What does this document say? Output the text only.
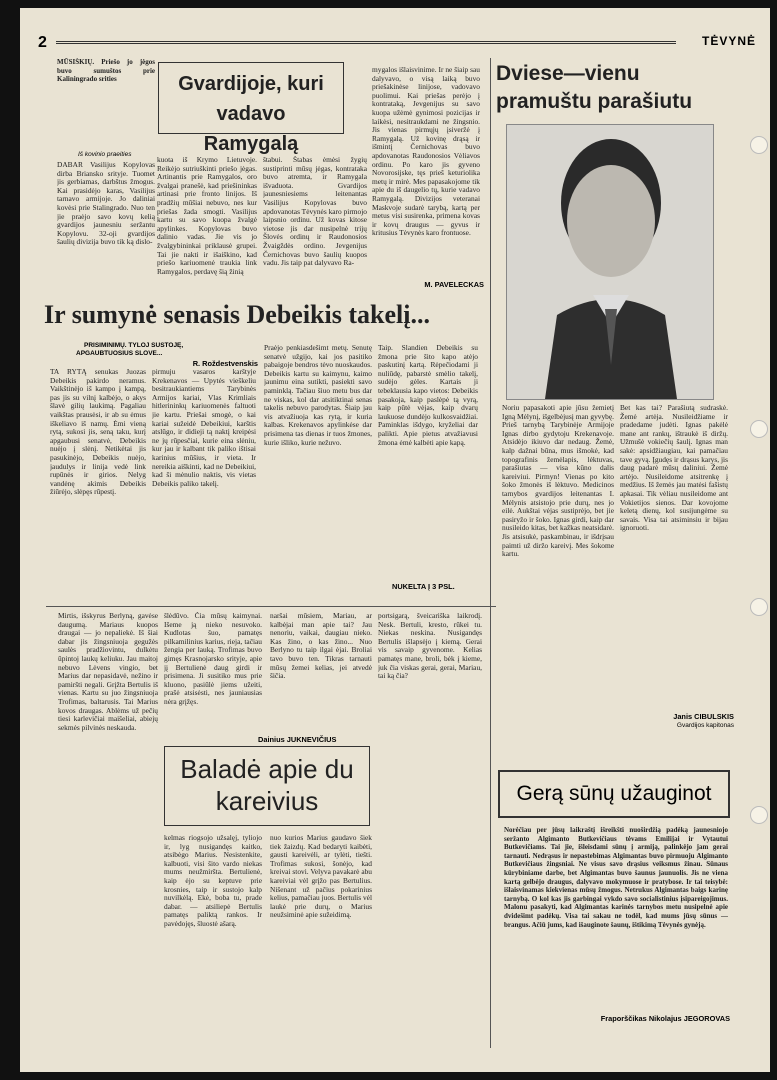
2	TĖVYNĖ
MŪSIŠKIŲ. Priešo jo jėgos buvo sumuštos prie Kaliningrado srities
Iš kovinio praeities
DABAR Vasilijus Kopylovas dirba Briansko srityje. Tuomet jis gerbiamas, darbštus žmogus. Kai prasidėjo karas, Vasilijus tarnavo armijoje. Jo daliniai kovėsi prie Stalingrado. Nuo ten jie praėjo savo kovų kelią gvardijos jaunesniu seržantu Kopylovu. 32-oji gvardijos šaulių divizija buvo tik ką dislo-
Gvardijoje, kuri vadavo Ramygalą
kuota iš Krymo Lietuvoje. Reikėjo sutriuškinti priešo jėgas. Artinantis prie Ramygalos, oro žvalgai pranešė, kad priešininkas artinasi prie fronto linijos. Iš pradžių mūšiai nebuvo, nes kur priešas žada smogti. Vasilijus kartu su savo kuopa žvalgė apylinkes. Kopylovas buvo dalinio vadas. Jie vis jo žvalgybininkai priklausė grupei. Tai jie nakti ir išaiškino, kad priešo kariuomenė traukia link Ramygalos, perdavę šią žinią
štabui. Štabas ėmėsi žygių sustiprinti mūsų jėgas, kontrataka buvo atremta, ir Ramygala išvaduota. Gvardijos jaunesniesiems leitenantas Vasilijus Kopylovas buvo apdovanotas Tėvynės karo pirmojo laipsnio ordinu. Už kovas kitose vietose jis dar nusipelnė trijų Šlovės ordinų ir Raudonosios Žvaigždės ordino. Jevgenijus Černichovas buvo šaulių kuopos vadu. Jis taip pat dalyvavo Ra-
mygalos išlaisvinime. Ir ne šiaip sau dalyvavo, o visą laiką buvo priešakinėse linijose, vadovavo puolimui. Kai priešas perėjo į kontrataką, Jevgenijus su savo kuopa užėmė gynimosi pozicijas ir laikėsi, nesitraukdami ne žingsnio. Jis vienas pirmųjų įsiveržė į Ramygalą. Už kovinę drąsą ir išmintį Černichovas buvo apdovanotas Raudonosios Vėliavos ordinu. Po karo jis gyveno Novorosijske, tęs prieš keturiolika metų ir mirė. Mes papasakojome tik apie du iš daugelio tų, kurie vadavo Ramygalą. Divizijos veteranai Maskvoje sudarė tarybą, kartą per metus visi susirenka, primena kovas ir kovų draugus — gyvus ir kritusius Tėvynės karo frontuose.
M. PAVELECKAS
Dviese—vienu pramuštu parašiutu
Ir sumynė senasis Debeikis takelį...
PRISIMINIMŲ. TYLOJ SUSTOJĘ,
APGAUBTUOSIUS SLOVE...
R. Roždestvenskis
TA RYTĄ senukas Juozas Debeikis pakirdo neramus. Vaikštinėjo iš kampo į kampą, pas jis su vilnį kalbėjo, o akys šlavė gilių laukimą. Pagaliau vaikštas prausėsi, ir ab su ėmus iškeliavo iš namų. Ėmi vieną rytą, sukosi jis, seną taku, kurį apgaubusi senatvė, Debeikis nuėjo į slėnį. Netikėtai jis pasukinėjo, Debeikis nuėjo, jaudulys ir linija vedė link rupūnės ir girios. Nelyg vandėnę akimis Debeikis žiūrėjo, slėpęs rūpestį.
pirmuju vasaros karštyje Krekenavos — Upytės vieškeliu besitraukiantiems Tarybinės Armijos kariai, Vlas Krimliais hitlerininkų kariuomenės faltuoti jie kartu. Priešai smogė, o kai kariai sužeidė Debeikiui, karštis atslūgo, ir didieji tą naktį kreipėsi ne jų rūpesčiai, kurie eina slėniu, kur jau ir kalbant tik paliko ištisai karinius mūšius, ir vieta. Ir nereikia aiškinti, kad ne Debeikiui, kad ši mėnulio naktis, vis vietas Debeikis paliko takelį.
Praėjo penkiasdešimt metų. Senutę senatvė užgijo, kai jos pasitiko pabaigoje bendros tėvo nuoskaudos. Debeikis kartu su kaimynu, kaimo jaunimu eina sutikti, pasiekti savo paminklą. Tačiau šiuo metu bus dar ne viskas, kol dar atsitiktinai senas takelis nebuvo parodytas. Šiaip jau vis atvažiuoja kas rytą, ir kuria kalbas. Krekenavos apylinkėse dar prisimena tas dienas ir tuos žmones, kurie išliko, kurie nežuvo.
Taip. Slandien Debeikis su žmona prie šito kapo atėjo paskutinį kartą. Rėpečiodami ji nuliūdę, pabarstė smėlio takelį, sudėjo gėles. Kartais ji tebeklausia kapo vietos: Debeikis pasakoja, kaip paslėpė tą vyrą, kaip pūtė vėjas, kaip dvarų laukuose dundėjo kulkosvaidžiai. Paminklas išdygo, kryželiai dar palikti. Apie pietus atvažiavusi žmona ėmė kalbėti apie kapą.
NUKELTA Į 3 PSL.
Noriu papasakoti apie jūsu žemietį Igną Mėlynį, išgelbėjusį man gyvybę. Prieš tarnybą Tarybinėje Armijoje Ignas dirbo gydytoju Krekenavoje. Atsidėjo ikiuvo dar nedaug. Žemė, kalp dažnai būna, mus išmokė, kad topografinis žemėlapis, lėktuvas, parašiutas — visa kūno dalis kareiviui. Pirmyn! Vienas po kito šoko žmonės iš lėktuvo. Medicinos tarnybos gvardijos leitenantas I. Mėlynis atsistojo prie durų, nes jo eilė. Aukštai vėjas sustiprėjo, bet jie pasiryžo ir šoko. Ignas girdi, kaip dar nusileido kitas, bet kažkas neatsidarė. Jis atsisukė, paskambinau, ir išdrįsau paimti už diržo kareivį. Mes šokome kartu.
Bet kas tai? Parašiutą sudraskė. Žemė artėja. Nusileidžiame ir pradedame judėti. Ignas pakėlė mane ant rankų, ištraukė iš diržų. Užmušė vokiečių šaulį. Ignas man sakė: apsidžiaugiau, kai pamačiau tave gyvą. Įgudęs ir drąsus karys, jis daug padarė mūsų daliniui. Žemė artėjo. Nusileidome atsitrenkę į medžius. Iš žemės jau matėsi fašistų apkasai. Tik vėliau nusileidome ant Vokietijos sienos. Dar kovojome keletą dienų, kol susijungėme su savais. Visa tai atsiminsiu ir bijau ignoruoti.
Janis CIBULSKIS
Gvardijos kapitonas
Mirtis, išskyrus Berlyną, gavėse daugumą. Mariaus kuopos draugai — jo nepaliekė. Iš šiai dabar jis žingsniuoja gegužės saulės pradžiovintu, dulkėtu ūpintoj laukų keliuku. Jau maitoj nebuvo Lėvens vingio, bet Marius dar nepasidavė, nežino ir pamiršti negali. Grįžta Bertulis iš vienas. Kartu su juo žingsniuoja Trofimas, baltarusis. Tai Marius kovos draugas. Ablėms už pečių tiesi karlevičiai maišeliai, abiejų sekmės pilvinės neskauda.
šlėdūvo. Čia mūsų kaimynai. Išeme ją nieko nesuvoko. Kudlotas šuo, pamatęs pilkamilinius karius, rieja, tačiau žengia per lauką. Trofimas buvo gimęs Krasnojarsko srityje, apie jį Bertulienė daug girdi ir prisimena. Ji susitiko mus prie kluono, pasiūlė jiems užeiti, prašė atsisėsti, nes jauniausias nėra grįžęs.
naršai mūsiem, Mariau, ar kalbėjai man apie tai? Jau nenoriu, vaikai, daugiau nieko. Kas žino, o kas žino... Nuo Berlyno tu taip ilgai ėjai. Broliai tavo buvo ten. Tikras tarnauti mūsų žemei kelias, jei atvedė šičia.
portsigarą, šveicariška laikrodį. Nesk. Bertuli, kresto, rūkei tu. Niekas neskina. Nusigandęs Bertulis išlapsėjo į kiemą. Gerai vis savaip gyvenome. Kelias pamatęs mane, broli, bėk į kieme, juk čia viskas gerai, gerai, Mariau, tai ką čia?
Dainius JUKNEVIČIUS
Baladė apie du kareivius
kelmas riogsojo užsalęj, tyliojo ir, lyg nusigandęs kaitko, atsibėgo Marius. Nesistenkite, kalbuoti, visi šito vardo niekas mums neužmiršta. Bertulienė, kaip ėjo su keptuve prie krosnies, taip ir sustojo kalp nuvilkėlą. Ekė, boba tu, prade dabar. — atsiliepė Bertulis pamatęs paliktą rankos. Ir pavėdojęs, šluostė ašarą.
nuo kurios Marius gaudavo šiek tiek žaizdų. Kad bedaryti kaibėti, gausti kareivėli, ar tylėti, tiešti. Trofimas sukosi, šonėjo, kad kreivai stovi. Velyva pavakarė abu kareiviai vėl grįžo pas Bertulius. Nišenant už pačius pokarinius kelius, pamačiau juos. Bertulis vėl laukė prie durų, o Marius neužsiminė apie sužeidimą.
Gerą sūnų užauginot
Norėčiau per jūsų laikraštį išreikšti nuoširdžią padėką jaunesniojo seržanto Algimanto Butkevičiaus tėvams Emilijai ir Vytautui Butkevičiams. Tai jie, išleisdami sūnų į armiją, palinkėjo jam gerai tarnauti. Nedrąsus ir nepastebimas Algimantas buvo pirmuoju Algimanto Butkevičiaus žingsniai. Ne visus savo drąsius veiksmus žinau. Sūnaus kūrybiniame darbe, bet Algimantas buvo šaunus jaunuolis. Jis ne viena kartą gelbėjo draugus, dalyvavo mokymuose ir pratybose. Ir tai teisybė: išlaisvinamas kiekvienas mūsų žmogus. Netrukus Algimantas baigs karinę tarnybą. O kol kas jis garbingai vykdo savo socialistinius įsipareigojimus. Malonu pasakyti, kad Algimantas karinės tarnybos metu nusipelnė apie dvidešimt padėkų. Visa tai sakau ne todėl, kad mums jūsų sūnus — brangus. Ačiū jums, kad išauginote šaunų, ištikimą Tėvynės gynėją.
Fraporščikas Nikolajus JEGOROVAS
